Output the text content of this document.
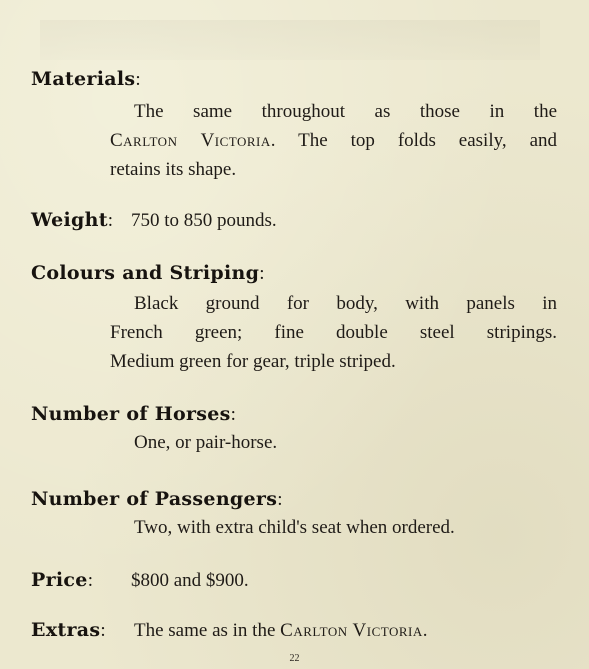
Materials:
The same throughout as those in the
Carlton Victoria. The top folds easily, and
retains its shape.
Weight: 750 to 850 pounds.
Colours and Striping:
Black ground for body, with panels in
French green; fine double steel stripings.
Medium green for gear, triple striped.
Number of Horses:
One, or pair-horse.
Number of Passengers:
Two, with extra child's seat when ordered.
Price: $800 and $900.
Extras: The same as in the Carlton Victoria.
22
